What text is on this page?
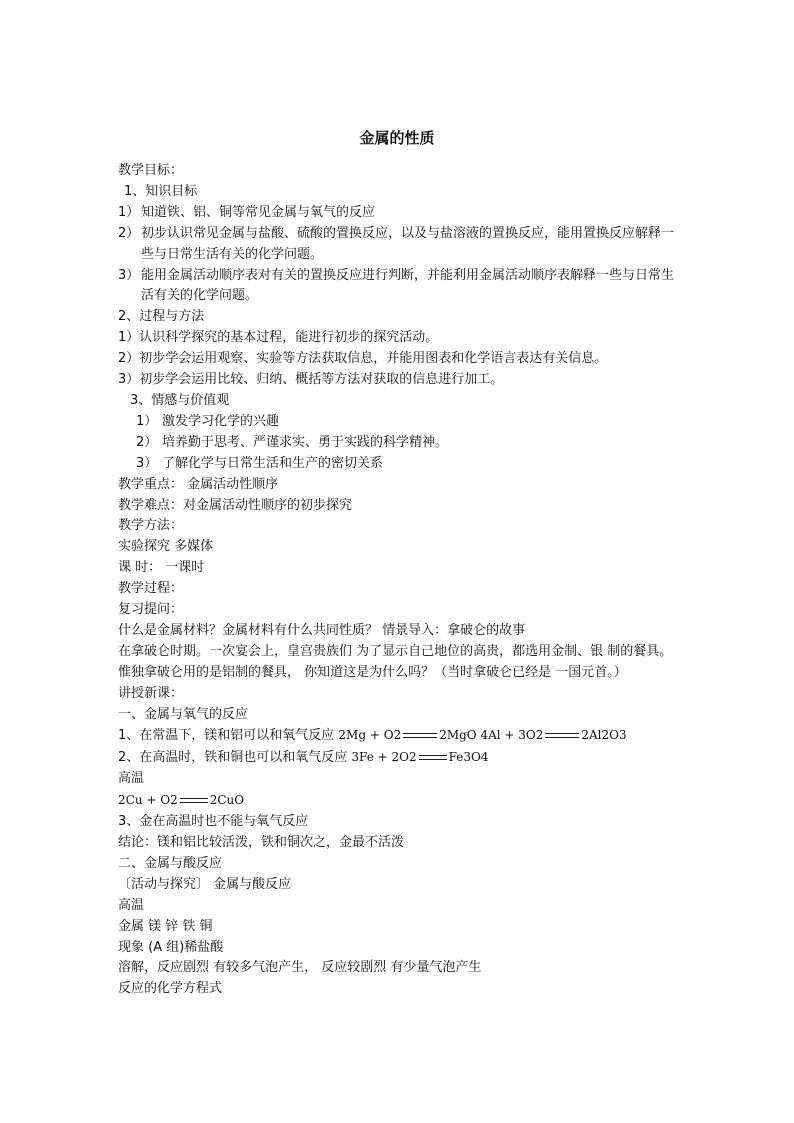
金属的性质
教学目标：
1、知识目标
1） 知道铁、铝、铜等常见金属与氧气的反应
2） 初步认识常见金属与盐酸、硫酸的置换反应，以及与盐溶液的置换反应，能用置换反应解释一些与日常生活有关的化学问题。
3） 能用金属活动顺序表对有关的置换反应进行判断，并能利用金属活动顺序表解释一些与日常生活有关的化学问题。
2、过程与方法
1）认识科学探究的基本过程，能进行初步的探究活动。
2）初步学会运用观察、实验等方法获取信息，并能用图表和化学语言表达有关信息。
3）初步学会运用比较、归纳、概括等方法对获取的信息进行加工。
3、情感与价值观
1） 激发学习化学的兴趣
2） 培养勤于思考、严谨求实、勇于实践的科学精神。
3） 了解化学与日常生活和生产的密切关系
教学重点： 金属活动性顺序
教学难点：对金属活动性顺序的初步探究
教学方法：
实验探究 多媒体
课 时： 一课时
教学过程：
复习提问：
什么是金属材料？金属材料有什么共同性质？ 情景导入：拿破仑的故事
在拿破仑时期。一次宴会上，皇宫贵族们 为了显示自己地位的高贵，都选用金制、银 制的餐具。惟独拿破仑用的是铝制的餐具， 你知道这是为什么吗？（当时拿破仑已经是 一国元首。）
讲授新课：
一、金属与氧气的反应
1、在常温下，镁和铝可以和氧气反应 2Mg + O2	2MgO 4Al + 3O2	2Al2O3
2、在高温时，铁和铜也可以和氧气反应 3Fe + 2O2	Fe3O4
高温
2Cu + O2	2CuO
3、金在高温时也不能与氧气反应
结论：镁和铝比较活泼，铁和铜次之，金最不活泼
二、金属与酸反应
〔活动与探究〕 金属与酸反应
高温
金属 镁 锌 铁 铜
现象 (A 组)稀盐酸
溶解，反应剧烈 有较多气泡产生， 反应较剧烈 有少量气泡产生
反应的化学方程式
